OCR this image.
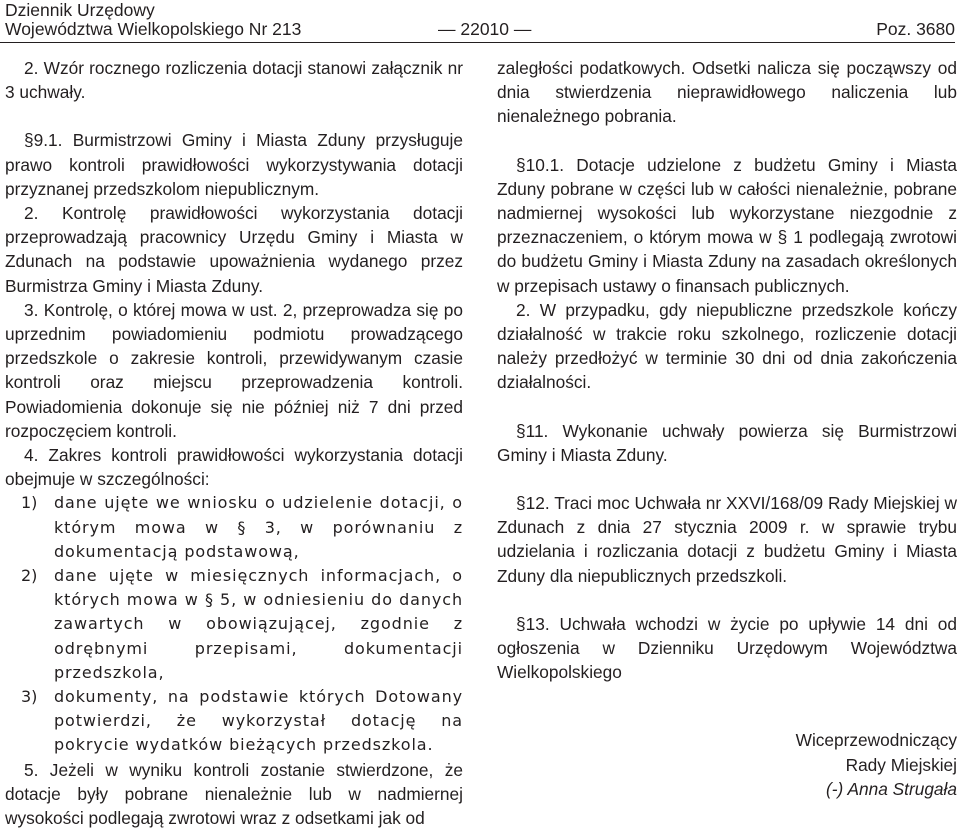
Dziennik Urzędowy
Województwa Wielkopolskiego Nr 213	— 22010 —	Poz. 3680

2. Wzór rocznego rozliczenia dotacji stanowi załącznik nr 3 uchwały.

§9.1. Burmistrzowi Gminy i Miasta Zduny przysługuje prawo kontroli prawidłowości wykorzystywania dotacji przyznanej przedszkolom niepublicznym.

2. Kontrolę prawidłowości wykorzystania dotacji przeprowadzają pracownicy Urzędu Gminy i Miasta w Zdunach na podstawie upoważnienia wydanego przez Burmistrza Gminy i Miasta Zduny.

3. Kontrolę, o której mowa w ust. 2, przeprowadza się po uprzednim powiadomieniu podmiotu prowadzącego przedszkole o zakresie kontroli, przewidywanym czasie kontroli oraz miejscu przeprowadzenia kontroli. Powiadomienia dokonuje się nie później niż 7 dni przed rozpoczęciem kontroli.

4. Zakres kontroli prawidłowości wykorzystania dotacji obejmuje w szczególności:

1) dane ujęte we wniosku o udzielenie dotacji, o którym mowa w § 3, w porównaniu z dokumentacją podstawową,
2) dane ujęte w miesięcznych informacjach, o których mowa w § 5, w odniesieniu do danych zawartych w obowiązującej, zgodnie z odrębnymi przepisami, dokumentacji przedszkola,
3) dokumenty, na podstawie których Dotowany potwierdzi, że wykorzystał dotację na pokrycie wydatków bieżących przedszkola.

5. Jeżeli w wyniku kontroli zostanie stwierdzone, że dotacje były pobrane nienależnie lub w nadmiernej wysokości podlegają zwrotowi wraz z odsetkami jak od

zaległości podatkowych. Odsetki nalicza się począwszy od dnia stwierdzenia nieprawidłowego naliczenia lub nienależnego pobrania.

§10.1. Dotacje udzielone z budżetu Gminy i Miasta Zduny pobrane w części lub w całości nienależnie, pobrane nadmiernej wysokości lub wykorzystane niezgodnie z przeznaczeniem, o którym mowa w § 1 podlegają zwrotowi do budżetu Gminy i Miasta Zduny na zasadach określonych w przepisach ustawy o finansach publicznych.

2. W przypadku, gdy niepubliczne przedszkole kończy działalność w trakcie roku szkolnego, rozliczenie dotacji należy przedłożyć w terminie 30 dni od dnia zakończenia działalności.

§11. Wykonanie uchwały powierza się Burmistrzowi Gminy i Miasta Zduny.

§12. Traci moc Uchwała nr XXVI/168/09 Rady Miejskiej w Zdunach z dnia 27 stycznia 2009 r. w sprawie trybu udzielania i rozliczania dotacji z budżetu Gminy i Miasta Zduny dla niepublicznych przedszkoli.

§13. Uchwała wchodzi w życie po upływie 14 dni od ogłoszenia w Dzienniku Urzędowym Województwa Wielkopolskiego

Wiceprzewodniczący
Rady Miejskiej
(-) Anna Strugała
